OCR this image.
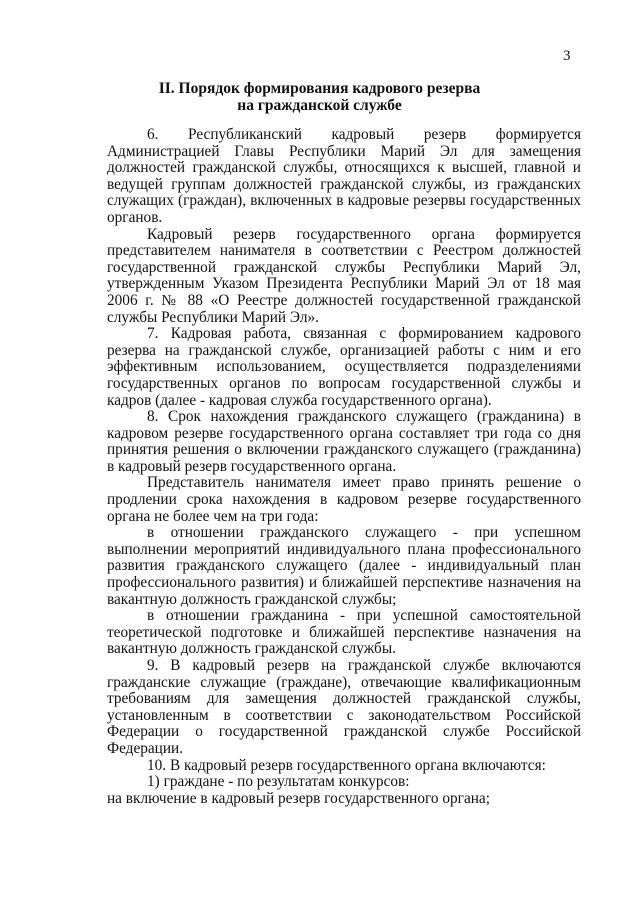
3
II. Порядок формирования кадрового резерва
на гражданской службе

6. Республиканский кадровый резерв формируется Администрацией Главы Республики Марий Эл для замещения должностей гражданской службы, относящихся к высшей, главной и ведущей группам должностей гражданской службы, из гражданских служащих (граждан), включенных в кадровые резервы государственных органов.

Кадровый резерв государственного органа формируется представителем нанимателя в соответствии с Реестром должностей государственной гражданской службы Республики Марий Эл, утвержденным Указом Президента Республики Марий Эл от 18 мая 2006 г. № 88 «О Реестре должностей государственной гражданской службы Республики Марий Эл».

7. Кадровая работа, связанная с формированием кадрового резерва на гражданской службе, организацией работы с ним и его эффективным использованием, осуществляется подразделениями государственных органов по вопросам государственной службы и кадров (далее - кадровая служба государственного органа).

8. Срок нахождения гражданского служащего (гражданина) в кадровом резерве государственного органа составляет три года со дня принятия решения о включении гражданского служащего (гражданина) в кадровый резерв государственного органа.

Представитель нанимателя имеет право принять решение о продлении срока нахождения в кадровом резерве государственного органа не более чем на три года:

в отношении гражданского служащего - при успешном выполнении мероприятий индивидуального плана профессионального развития гражданского служащего (далее - индивидуальный план профессионального развития) и ближайшей перспективе назначения на вакантную должность гражданской службы;

в отношении гражданина - при успешной самостоятельной теоретической подготовке и ближайшей перспективе назначения на вакантную должность гражданской службы.

9. В кадровый резерв на гражданской службе включаются гражданские служащие (граждане), отвечающие квалификационным требованиям для замещения должностей гражданской службы, установленным в соответствии с законодательством Российской Федерации о государственной гражданской службе Российской Федерации.

10. В кадровый резерв государственного органа включаются:

1) граждане - по результатам конкурсов:

на включение в кадровый резерв государственного органа;
